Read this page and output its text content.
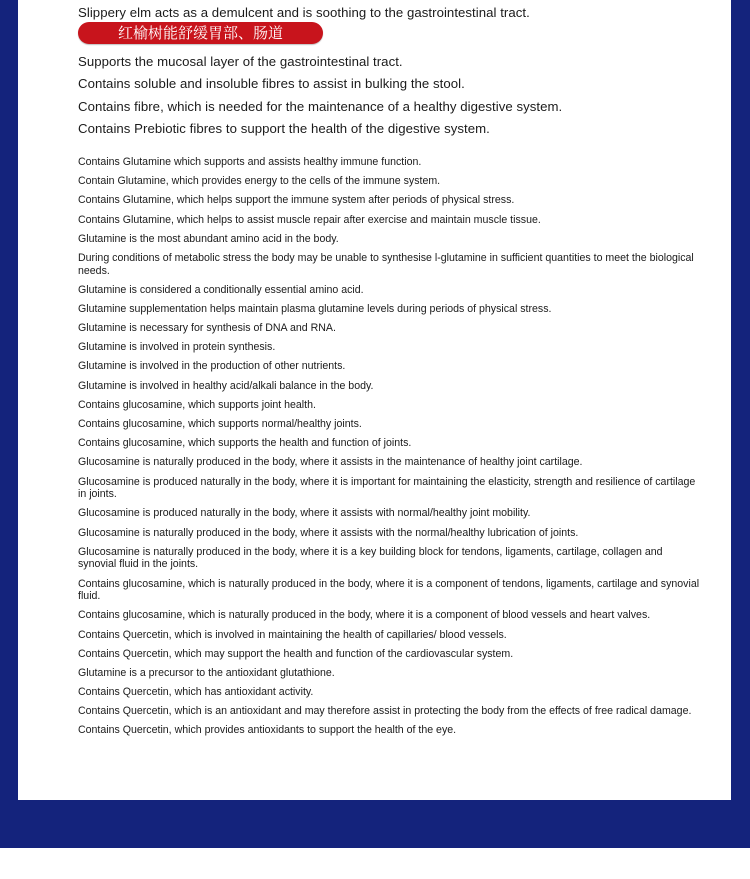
Slippery elm acts as a demulcent and is soothing to the gastrointestinal tract.
红榆树能舒缓胃部、肠道
Supports the mucosal layer of the gastrointestinal tract.
Contains soluble and insoluble fibres to assist in bulking the stool.
Contains fibre, which is needed for the maintenance of a healthy digestive system.
Contains Prebiotic fibres to support the health of the digestive system.
Contains Glutamine which supports and assists healthy immune function.
Contain Glutamine, which provides energy to the cells of the immune system.
Contains Glutamine, which helps support the immune system after periods of physical stress.
Contains Glutamine, which helps to assist muscle repair after exercise and maintain muscle tissue.
Glutamine is the most abundant amino acid in the body.
During conditions of metabolic stress the body may be unable to synthesise l-glutamine in sufficient quantities to meet the biological needs.
Glutamine is considered a conditionally essential amino acid.
Glutamine supplementation helps maintain plasma glutamine levels during periods of physical stress.
Glutamine is necessary for synthesis of DNA and RNA.
Glutamine is involved in protein synthesis.
Glutamine is involved in the production of other nutrients.
Glutamine is involved in healthy acid/alkali balance in the body.
Contains glucosamine, which supports joint health.
Contains glucosamine, which supports normal/healthy joints.
Contains glucosamine, which supports the health and function of joints.
Glucosamine is naturally produced in the body, where it assists in the maintenance of healthy joint cartilage.
Glucosamine is produced naturally in the body, where it is important for maintaining the elasticity, strength and resilience of cartilage in joints.
Glucosamine is produced naturally in the body, where it assists with normal/healthy joint mobility.
Glucosamine is naturally produced in the body, where it assists with the normal/healthy lubrication of joints.
Glucosamine is naturally produced in the body, where it is a key building block for tendons, ligaments, cartilage, collagen and synovial fluid in the joints.
Contains glucosamine, which is naturally produced in the body, where it is a component of tendons, ligaments, cartilage and synovial fluid.
Contains glucosamine, which is naturally produced in the body, where it is a component of blood vessels and heart valves.
Contains Quercetin, which is involved in maintaining the health of capillaries/ blood vessels.
Contains Quercetin, which may support the health and function of the cardiovascular system.
Glutamine is a precursor to the antioxidant glutathione.
Contains Quercetin, which has antioxidant activity.
Contains Quercetin, which is an antioxidant and may therefore assist in protecting the body from the effects of free radical damage.
Contains Quercetin, which provides antioxidants to support the health of the eye.
